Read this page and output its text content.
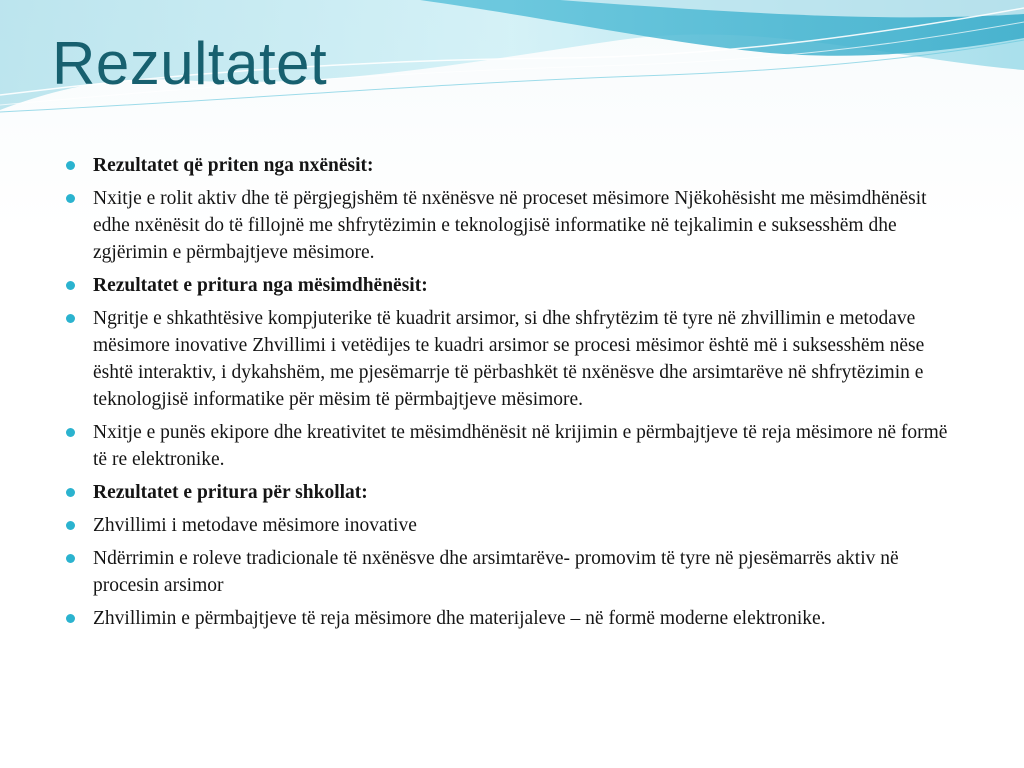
Rezultatet
Rezultatet që priten nga nxënësit:
Nxitje e rolit aktiv dhe të përgjegjshëm të nxënësve në proceset mësimore Njëkohësisht me mësimdhënësit edhe nxënësit do të fillojnë me shfrytëzimin e teknologjisë informatike në tejkalimin e suksesshëm dhe zgjërimin e përmbajtjeve mësimore.
Rezultatet e pritura nga mësimdhënësit:
Ngritje e shkathtësive kompjuterike të kuadrit arsimor, si dhe shfrytëzim të tyre në zhvillimin e metodave mësimore inovative Zhvillimi i vetëdijes te kuadri arsimor se procesi mësimor është më i suksesshëm nëse është interaktiv, i dykahshëm, me pjesëmarrje të përbashkët të nxënësve dhe arsimtarëve në shfrytëzimin e teknologjisë informatike për mësim të përmbajtjeve mësimore.
Nxitje e punës ekipore dhe kreativitet te mësimdhënësit në krijimin e përmbajtjeve të reja mësimore në formë të re elektronike.
Rezultatet e pritura për shkollat:
Zhvillimi i metodave mësimore inovative
Ndërrimin e roleve tradicionale të nxënësve dhe arsimtarëve- promovim të tyre në pjesëmarrës aktiv në procesin arsimor
Zhvillimin e përmbajtjeve të reja mësimore dhe materijaleve – në formë moderne elektronike.
